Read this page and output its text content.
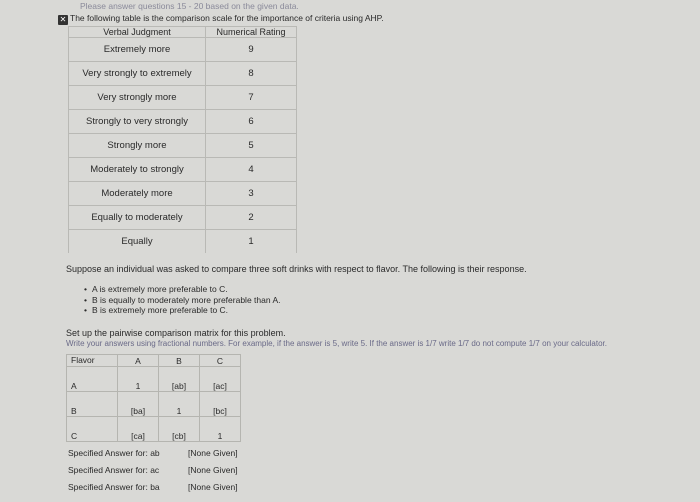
Please answer questions 15 - 20 based on the given data.
✕ The following table is the comparison scale for the importance of criteria using AHP.
Verbal Judgment	Numerical Rating
Extremely more	9
Very strongly to extremely	8
Very strongly more	7
Strongly to very strongly	6
Strongly more	5
Moderately to strongly	4
Moderately more	3
Equally to moderately	2
Equally	1
Suppose an individual was asked to compare three soft drinks with respect to flavor. The following is their response.
• A is extremely more preferable to C.
• B is equally to moderately more preferable than A.
• B is extremely more preferable to C.
Set up the pairwise comparison matrix for this problem.
Write your answers using fractional numbers. For example, if the answer is 5, write 5. If the answer is 1/7 write 1/7 do not compute 1/7 on your calculator.
Flavor	A	B	C
A	1	[ab]	[ac]
B	[ba]	1	[bc]
C	[ca]	[cb]	1
Specified Answer for: ab	[None Given]
Specified Answer for: ac	[None Given]
Specified Answer for: ba	[None Given]
